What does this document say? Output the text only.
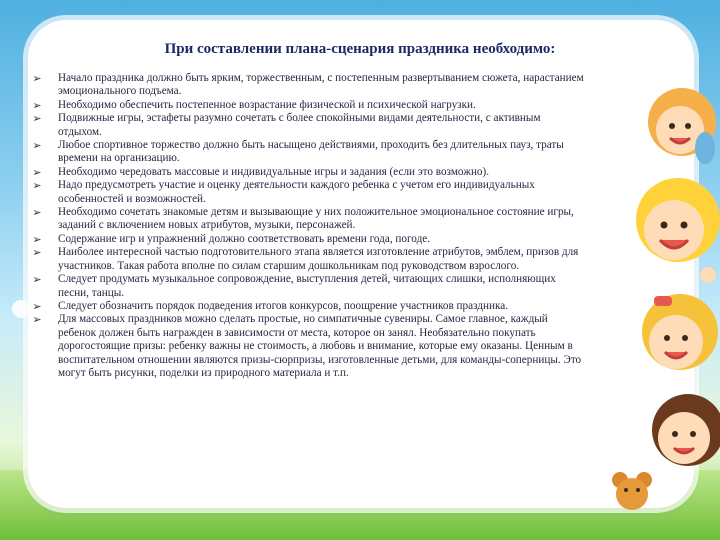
При составлении плана-сценария праздника необходимо:
➢ Начало праздника должно быть ярким, торжественным, с постепенным развертыванием сюжета, нарастанием эмоционального подъема.
➢ Необходимо обеспечить постепенное возрастание физической и психической нагрузки.
➢ Подвижные игры, эстафеты разумно сочетать с более спокойными видами деятельности, с активным отдыхом.
➢ Любое спортивное торжество должно быть насыщено действиями, проходить без длительных пауз, траты времени на организацию.
➢ Необходимо чередовать массовые и индивидуальные игры и задания (если это возможно).
➢ Надо предусмотреть участие и оценку деятельности каждого ребенка с учетом его индивидуальных особенностей и возможностей.
➢ Необходимо сочетать знакомые детям и вызывающие у них положительное эмоциональное состояние игры, заданий с включением новых атрибутов, музыки, персонажей.
➢ Содержание игр и упражнений должно соответствовать времени года, погоде.
➢ Наиболее интересной частью подготовительного этапа является изготовление атрибутов, эмблем, призов для участников. Такая работа вполне по силам старшим дошкольникам под руководством взрослого.
➢ Следует продумать музыкальное сопровождение, выступления детей, читающих слишки, исполняющих песни, танцы.
➢ Следует обозначить порядок подведения итогов конкурсов, поощрение участников праздника.
➢ Для массовых праздников можно сделать простые, но симпатичные сувениры. Самое главное, каждый ребенок должен быть награжден в зависимости от места, которое он занял. Необязательно покупать дорогостоящие призы: ребенку важны не стоимость, а любовь и внимание, которые ему оказаны. Ценным в воспитательном отношении являются призы-сюрпризы, изготовленные детьми, для команды-соперницы. Это могут быть рисунки, поделки из природного материала и т.п.
